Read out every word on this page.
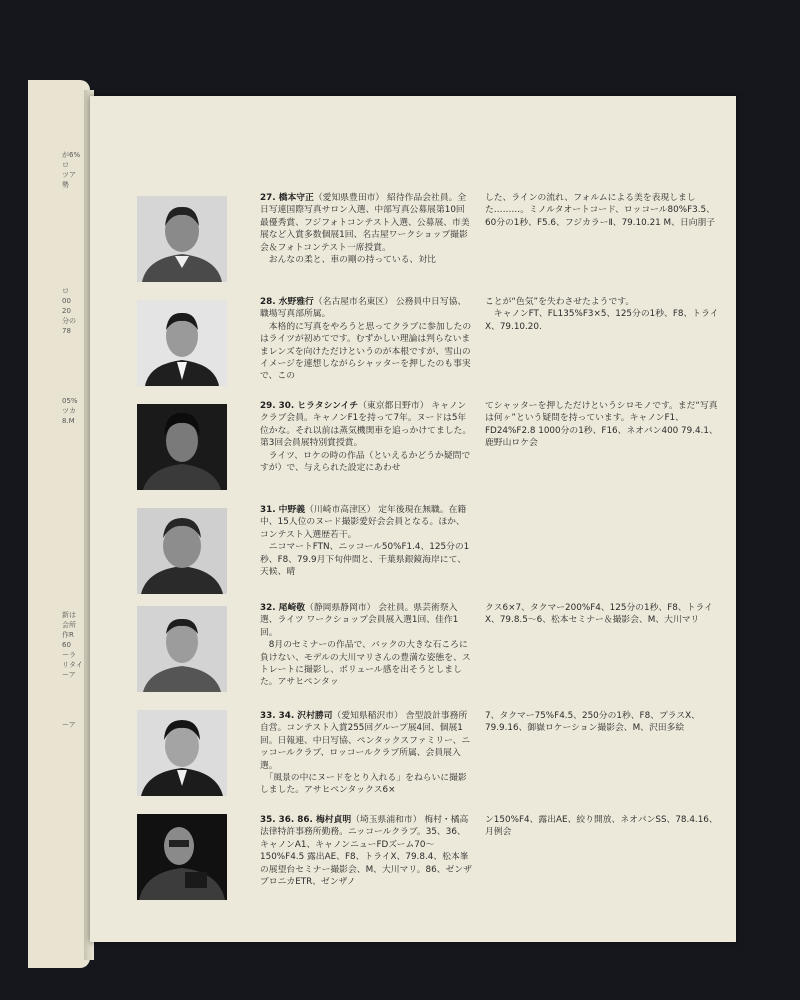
が6%
ロ
ツア
勢
ロ
00
20
分の
78
05%
ツカ
8.M
新は
会所
作R
60
ーラ
リタイ
ーア
ーア
27. 橋本守正（愛知県豊田市） 紹待作品会社員。全日写連国際写真サロン入選、中部写真公募展第10回最優秀賞、フジフォトコンテスト入選、公募展、市美展など入賞多数個展1回、名古屋ワークショップ撮影会＆フォトコンテスト一席授賞。
　おんなの柔と、車の剛の持っている、対比
した、ラインの流れ、フォルムによる美を表現しました………。ミノルタオートコード、ロッコール80%F3.5、60分の1秒、F5.6、フジカラーⅡ、79.10.21 M、日向朋子
28. 水野雅行（名古屋市名東区） 公務員中日写協、職場写真部所属。
　本格的に写真をやろうと思ってクラブに参加したのはライツが初めてです。むずかしい理論は判らないままレンズを向けただけというのが本根ですが、雪山のイメージを連想しながらシャッターを押したのも事実で、この
ことが“色気”を失わさせたようです。
　キャノンFT、FL135%F3×5、125分の1秒、F8、トライX、79.10.20.
29. 30. ヒラタシンイチ（東京都日野市） キャノンクラブ会員。キャノンF1を持って7年。ヌードは5年位かな。それ以前は蒸気機関車を追っかけてました。第3回会員展特別賞授賞。
　ライツ、ロケの時の作品（といえるかどうか疑問ですが）で、与えられた設定にあわせ
てシャッターを押しただけというシロモノです。まだ“写真は何ヶ”という疑問を持っています。キャノンF1、FD24%F2.8 1000分の1秒、F16、ネオパン400 79.4.1、鹿野山ロケ会
31. 中野義（川崎市高津区） 定年後現在無職。在籍中、15人位のヌード撮影愛好会会員となる。ほか、コンテスト入選歴若干。
　ニコマートFTN、ニッコール50%F1.4、125分の1秒、F8、79.9月下旬仲間と、千葉県銀鏡海岸にて、天候、晴
32. 尾崎敬（静岡県静岡市） 会社員。県芸術祭入選、ライツ ワークショップ会員展入選1回、佳作1回。
　8月のセミナーの作品で、バックの大きな石ころに負けない、モデルの大川マリさんの豊満な姿態を、ストレートに撮影し、ボリュール感を出そうとしました。アサヒペンタッ
クス6×7、タクマー200%F4、125分の1秒、F8、トライX、79.8.5〜6、松本セミナー＆撮影会、M、大川マリ
33. 34. 沢村勝司（愛知県稲沢市） 舎型設計事務所自営。コンテスト入賞255回グループ展4回、個展1回。日報連、中日写協、ペンタックスファミリー、ニッコールクラブ、ロッコールクラブ所属、会員展入選。
　「風景の中にヌードをとり入れる」をねらいに撮影しました。アサヒペンタックス6×
7、タクマー75%F4.5、250分の1秒、F8、プラスX、79.9.16、御嶽ロケーション撮影会、M、沢田多絵
35. 36. 86. 梅村貞明（埼玉県浦和市） 梅村・橘高法律特許事務所勤務。ニッコールクラブ。35、36、キャノンA1、キャノンニューFDズーム70〜150%F4.5 露出AE、F8、トライX、79.8.4、松本峯の展望台セミナー撮影会、M、大川マリ。86、ゼンザブロニカETR、ゼンザノ
ン150%F4、露出AE、絞り開放、ネオパンSS、78.4.16、月例会
